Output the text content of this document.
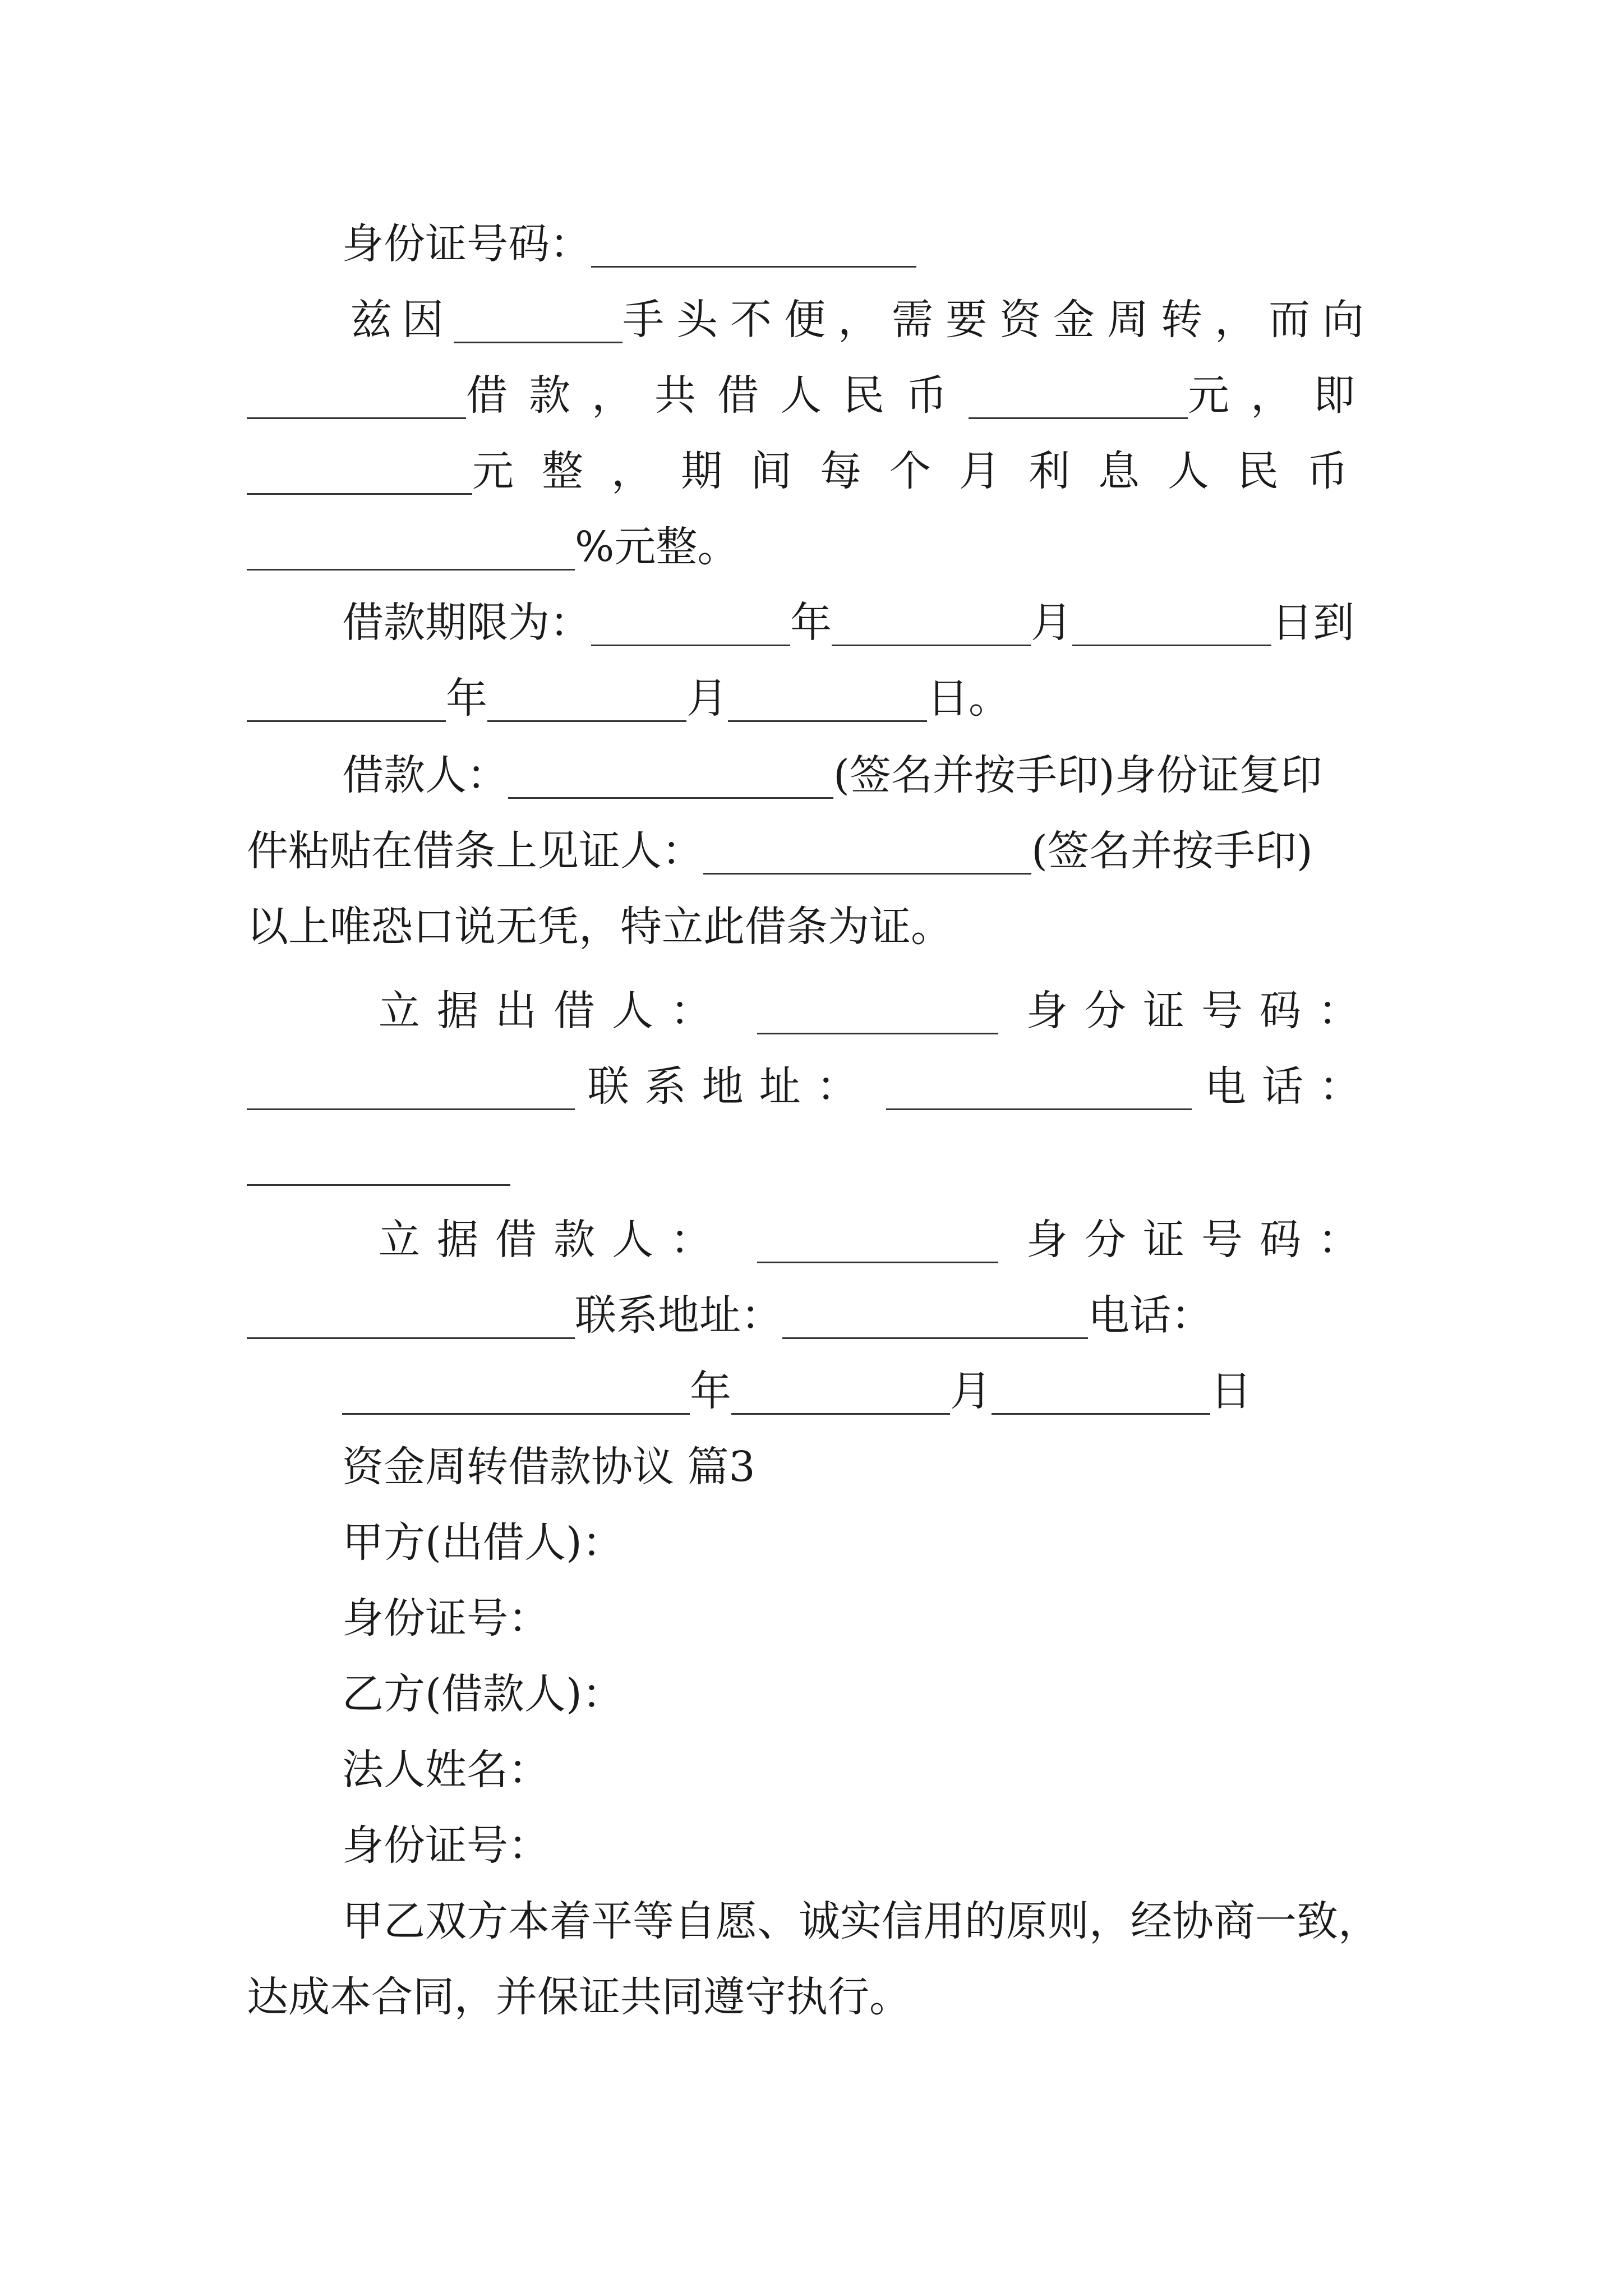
身份证号码：
兹因	手头不便，需要资金周转，而向
借款，共借人民币	元，即
元整，期间每个月利息人民币
%元整。
借款期限为：	年	月	日到
年	月	日。
借款人：	(签名并按手印)身份证复印
件粘贴在借条上见证人：	(签名并按手印)
以上唯恐口说无凭，特立此借条为证。
立据出借人：	身分证号码：
联系地址：	电话：
立据借款人：	身分证号码：
联系地址：	电话：
年	月	日
资金周转借款协议 篇3
甲方(出借人)：
身份证号：
乙方(借款人)：
法人姓名：
身份证号：
甲乙双方本着平等自愿、诚实信用的原则，经协商一致，
达成本合同，并保证共同遵守执行。
